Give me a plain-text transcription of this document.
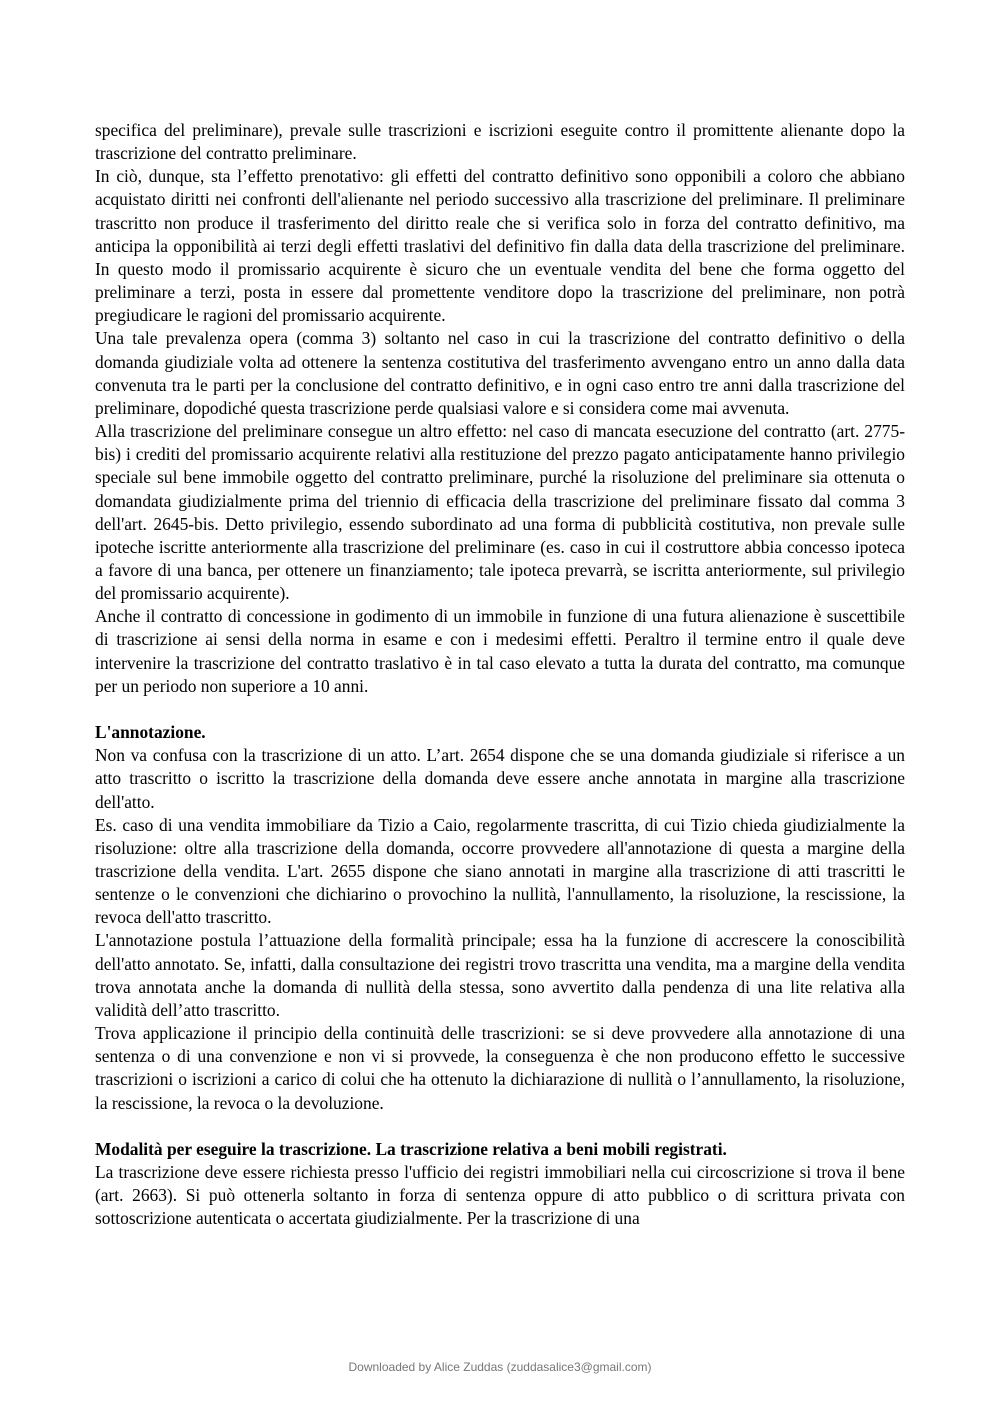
specifica del preliminare), prevale sulle trascrizioni e iscrizioni eseguite contro il promittente alienante dopo la trascrizione del contratto preliminare.

In ciò, dunque, sta l’effetto prenotativo: gli effetti del contratto definitivo sono opponibili a coloro che abbiano acquistato diritti nei confronti dell'alienante nel periodo successivo alla trascrizione del preliminare. Il preliminare trascritto non produce il trasferimento del diritto reale che si verifica solo in forza del contratto definitivo, ma anticipa la opponibilità ai terzi degli effetti traslativi del definitivo fin dalla data della trascrizione del preliminare. In questo modo il promissario acquirente è sicuro che un eventuale vendita del bene che forma oggetto del preliminare a terzi, posta in essere dal promettente venditore dopo la trascrizione del preliminare, non potrà pregiudicare le ragioni del promissario acquirente.

Una tale prevalenza opera (comma 3) soltanto nel caso in cui la trascrizione del contratto definitivo o della domanda giudiziale volta ad ottenere la sentenza costitutiva del trasferimento avvengano entro un anno dalla data convenuta tra le parti per la conclusione del contratto definitivo, e in ogni caso entro tre anni dalla trascrizione del preliminare, dopodiché questa trascrizione perde qualsiasi valore e si considera come mai avvenuta.

Alla trascrizione del preliminare consegue un altro effetto: nel caso di mancata esecuzione del contratto (art. 2775-bis) i crediti del promissario acquirente relativi alla restituzione del prezzo pagato anticipatamente hanno privilegio speciale sul bene immobile oggetto del contratto preliminare, purché la risoluzione del preliminare sia ottenuta o domandata giudizialmente prima del triennio di efficacia della trascrizione del preliminare fissato dal comma 3 dell'art. 2645-bis. Detto privilegio, essendo subordinato ad una forma di pubblicità costitutiva, non prevale sulle ipoteche iscritte anteriormente alla trascrizione del preliminare (es. caso in cui il costruttore abbia concesso ipoteca a favore di una banca, per ottenere un finanziamento; tale ipoteca prevarrà, se iscritta anteriormente, sul privilegio del promissario acquirente).

Anche il contratto di concessione in godimento di un immobile in funzione di una futura alienazione è suscettibile di trascrizione ai sensi della norma in esame e con i medesimi effetti. Peraltro il termine entro il quale deve intervenire la trascrizione del contratto traslativo è in tal caso elevato a tutta la durata del contratto, ma comunque per un periodo non superiore a 10 anni.

L'annotazione.

Non va confusa con la trascrizione di un atto. L’art. 2654 dispone che se una domanda giudiziale si riferisce a un atto trascritto o iscritto la trascrizione della domanda deve essere anche annotata in margine alla trascrizione dell'atto.

Es. caso di una vendita immobiliare da Tizio a Caio, regolarmente trascritta, di cui Tizio chieda giudizialmente la risoluzione: oltre alla trascrizione della domanda, occorre provvedere all'annotazione di questa a margine della trascrizione della vendita. L'art. 2655 dispone che siano annotati in margine alla trascrizione di atti trascritti le sentenze o le convenzioni che dichiarino o provochino la nullità, l'annullamento, la risoluzione, la rescissione, la revoca dell'atto trascritto.

L'annotazione postula l’attuazione della formalità principale; essa ha la funzione di accrescere la conoscibilità dell'atto annotato. Se, infatti, dalla consultazione dei registri trovo trascritta una vendita, ma a margine della vendita trova annotata anche la domanda di nullità della stessa, sono avvertito dalla pendenza di una lite relativa alla validità dell’atto trascritto.

Trova applicazione il principio della continuità delle trascrizioni: se si deve provvedere alla annotazione di una sentenza o di una convenzione e non vi si provvede, la conseguenza è che non producono effetto le successive trascrizioni o iscrizioni a carico di colui che ha ottenuto la dichiarazione di nullità o l’annullamento, la risoluzione, la rescissione, la revoca o la devoluzione.

Modalità per eseguire la trascrizione. La trascrizione relativa a beni mobili registrati.

La trascrizione deve essere richiesta presso l'ufficio dei registri immobiliari nella cui circoscrizione si trova il bene (art. 2663). Si può ottenerla soltanto in forza di sentenza oppure di atto pubblico o di scrittura privata con sottoscrizione autenticata o accertata giudizialmente. Per la trascrizione di una

Downloaded by Alice Zuddas (zuddasalice3@gmail.com)
